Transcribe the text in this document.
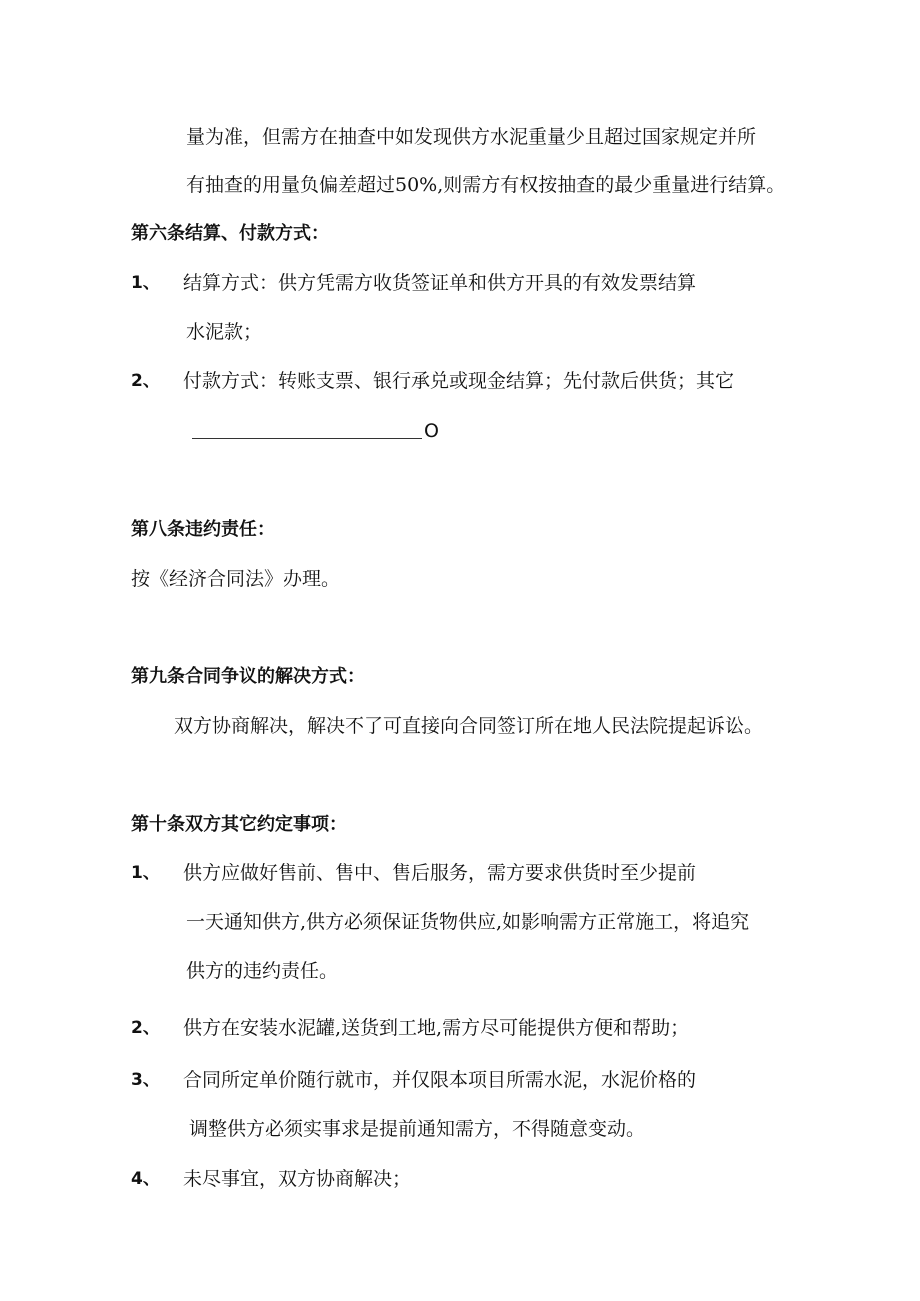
量为准，但需方在抽查中如发现供方水泥重量少且超过国家规定并所
有抽查的用量负偏差超过50%,则需方有权按抽查的最少重量进行结算。
第六条结算、付款方式：
1、 结算方式：供方凭需方收货签证单和供方开具的有效发票结算
水泥款；
2、 付款方式：转账支票、银行承兑或现金结算；先付款后供货；其它
O
第八条违约责任：
按《经济合同法》办理。
第九条合同争议的解决方式：
双方协商解决，解决不了可直接向合同签订所在地人民法院提起诉讼。
第十条双方其它约定事项：
1、 供方应做好售前、售中、售后服务，需方要求供货时至少提前
一天通知供方,供方必须保证货物供应,如影响需方正常施工，将追究
供方的违约责任。
2、 供方在安装水泥罐,送货到工地,需方尽可能提供方便和帮助；
3、 合同所定单价随行就市，并仅限本项目所需水泥，水泥价格的
调整供方必须实事求是提前通知需方，不得随意变动。
4、 未尽事宜，双方协商解决；
